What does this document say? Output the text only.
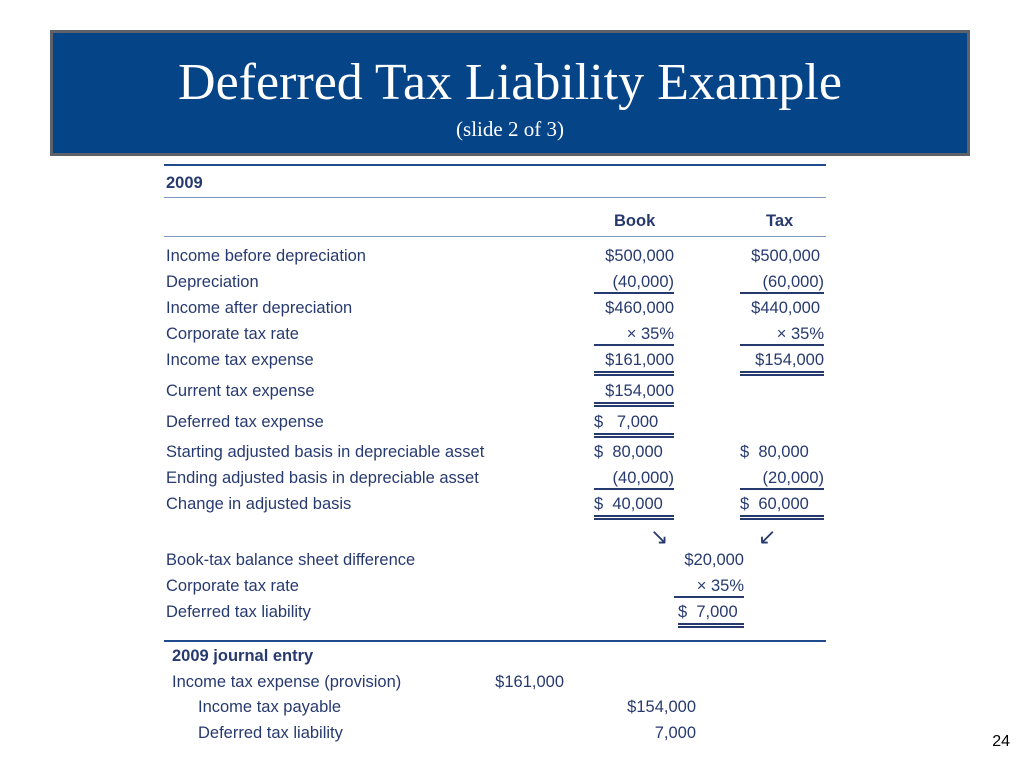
Deferred Tax Liability Example
(slide 2 of 3)
2009
Book	Tax
Income before depreciation	$500,000	$500,000
Depreciation	(40,000)	(60,000)
Income after depreciation	$460,000	$440,000
Corporate tax rate	× 35%	× 35%
Income tax expense	$161,000	$154,000
Current tax expense	$154,000
Deferred tax expense	$   7,000
Starting adjusted basis in depreciable asset	$  80,000	$  80,000
Ending adjusted basis in depreciable asset	(40,000)	(20,000)
Change in adjusted basis	$  40,000	$  60,000
↘	↙
Book-tax balance sheet difference	$20,000
Corporate tax rate	× 35%
Deferred tax liability	$  7,000
2009 journal entry
Income tax expense (provision)	$161,000
Income tax payable	$154,000
Deferred tax liability	7,000	24
